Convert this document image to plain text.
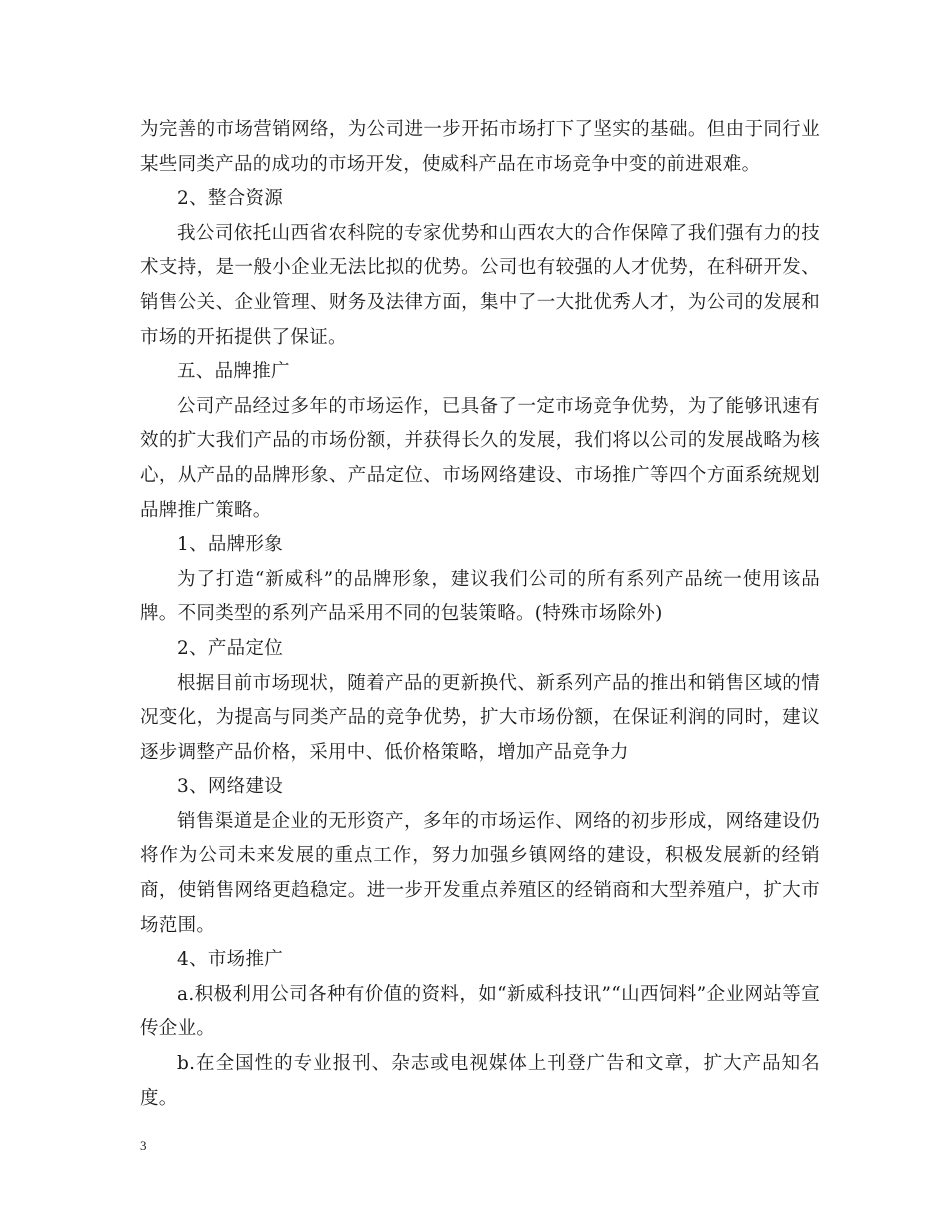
为完善的市场营销网络，为公司进一步开拓市场打下了坚实的基础。但由于同行业某些同类产品的成功的市场开发，使威科产品在市场竞争中变的前进艰难。

2、整合资源

我公司依托山西省农科院的专家优势和山西农大的合作保障了我们强有力的技术支持，是一般小企业无法比拟的优势。公司也有较强的人才优势，在科研开发、销售公关、企业管理、财务及法律方面，集中了一大批优秀人才，为公司的发展和市场的开拓提供了保证。

五、品牌推广

公司产品经过多年的市场运作，已具备了一定市场竞争优势，为了能够讯速有效的扩大我们产品的市场份额，并获得长久的发展，我们将以公司的发展战略为核心，从产品的品牌形象、产品定位、市场网络建设、市场推广等四个方面系统规划品牌推广策略。

1、品牌形象

为了打造“新威科”的品牌形象，建议我们公司的所有系列产品统一使用该品牌。不同类型的系列产品采用不同的包装策略。(特殊市场除外)

2、产品定位

根据目前市场现状，随着产品的更新换代、新系列产品的推出和销售区域的情况变化，为提高与同类产品的竞争优势，扩大市场份额，在保证利润的同时，建议逐步调整产品价格，采用中、低价格策略，增加产品竞争力

3、网络建设

销售渠道是企业的无形资产，多年的市场运作、网络的初步形成，网络建设仍将作为公司未来发展的重点工作，努力加强乡镇网络的建设，积极发展新的经销商，使销售网络更趋稳定。进一步开发重点养殖区的经销商和大型养殖户，扩大市场范围。

4、市场推广

a.积极利用公司各种有价值的资料，如“新威科技讯”“山西饲料”企业网站等宣传企业。

b.在全国性的专业报刊、杂志或电视媒体上刊登广告和文章，扩大产品知名度。

3
